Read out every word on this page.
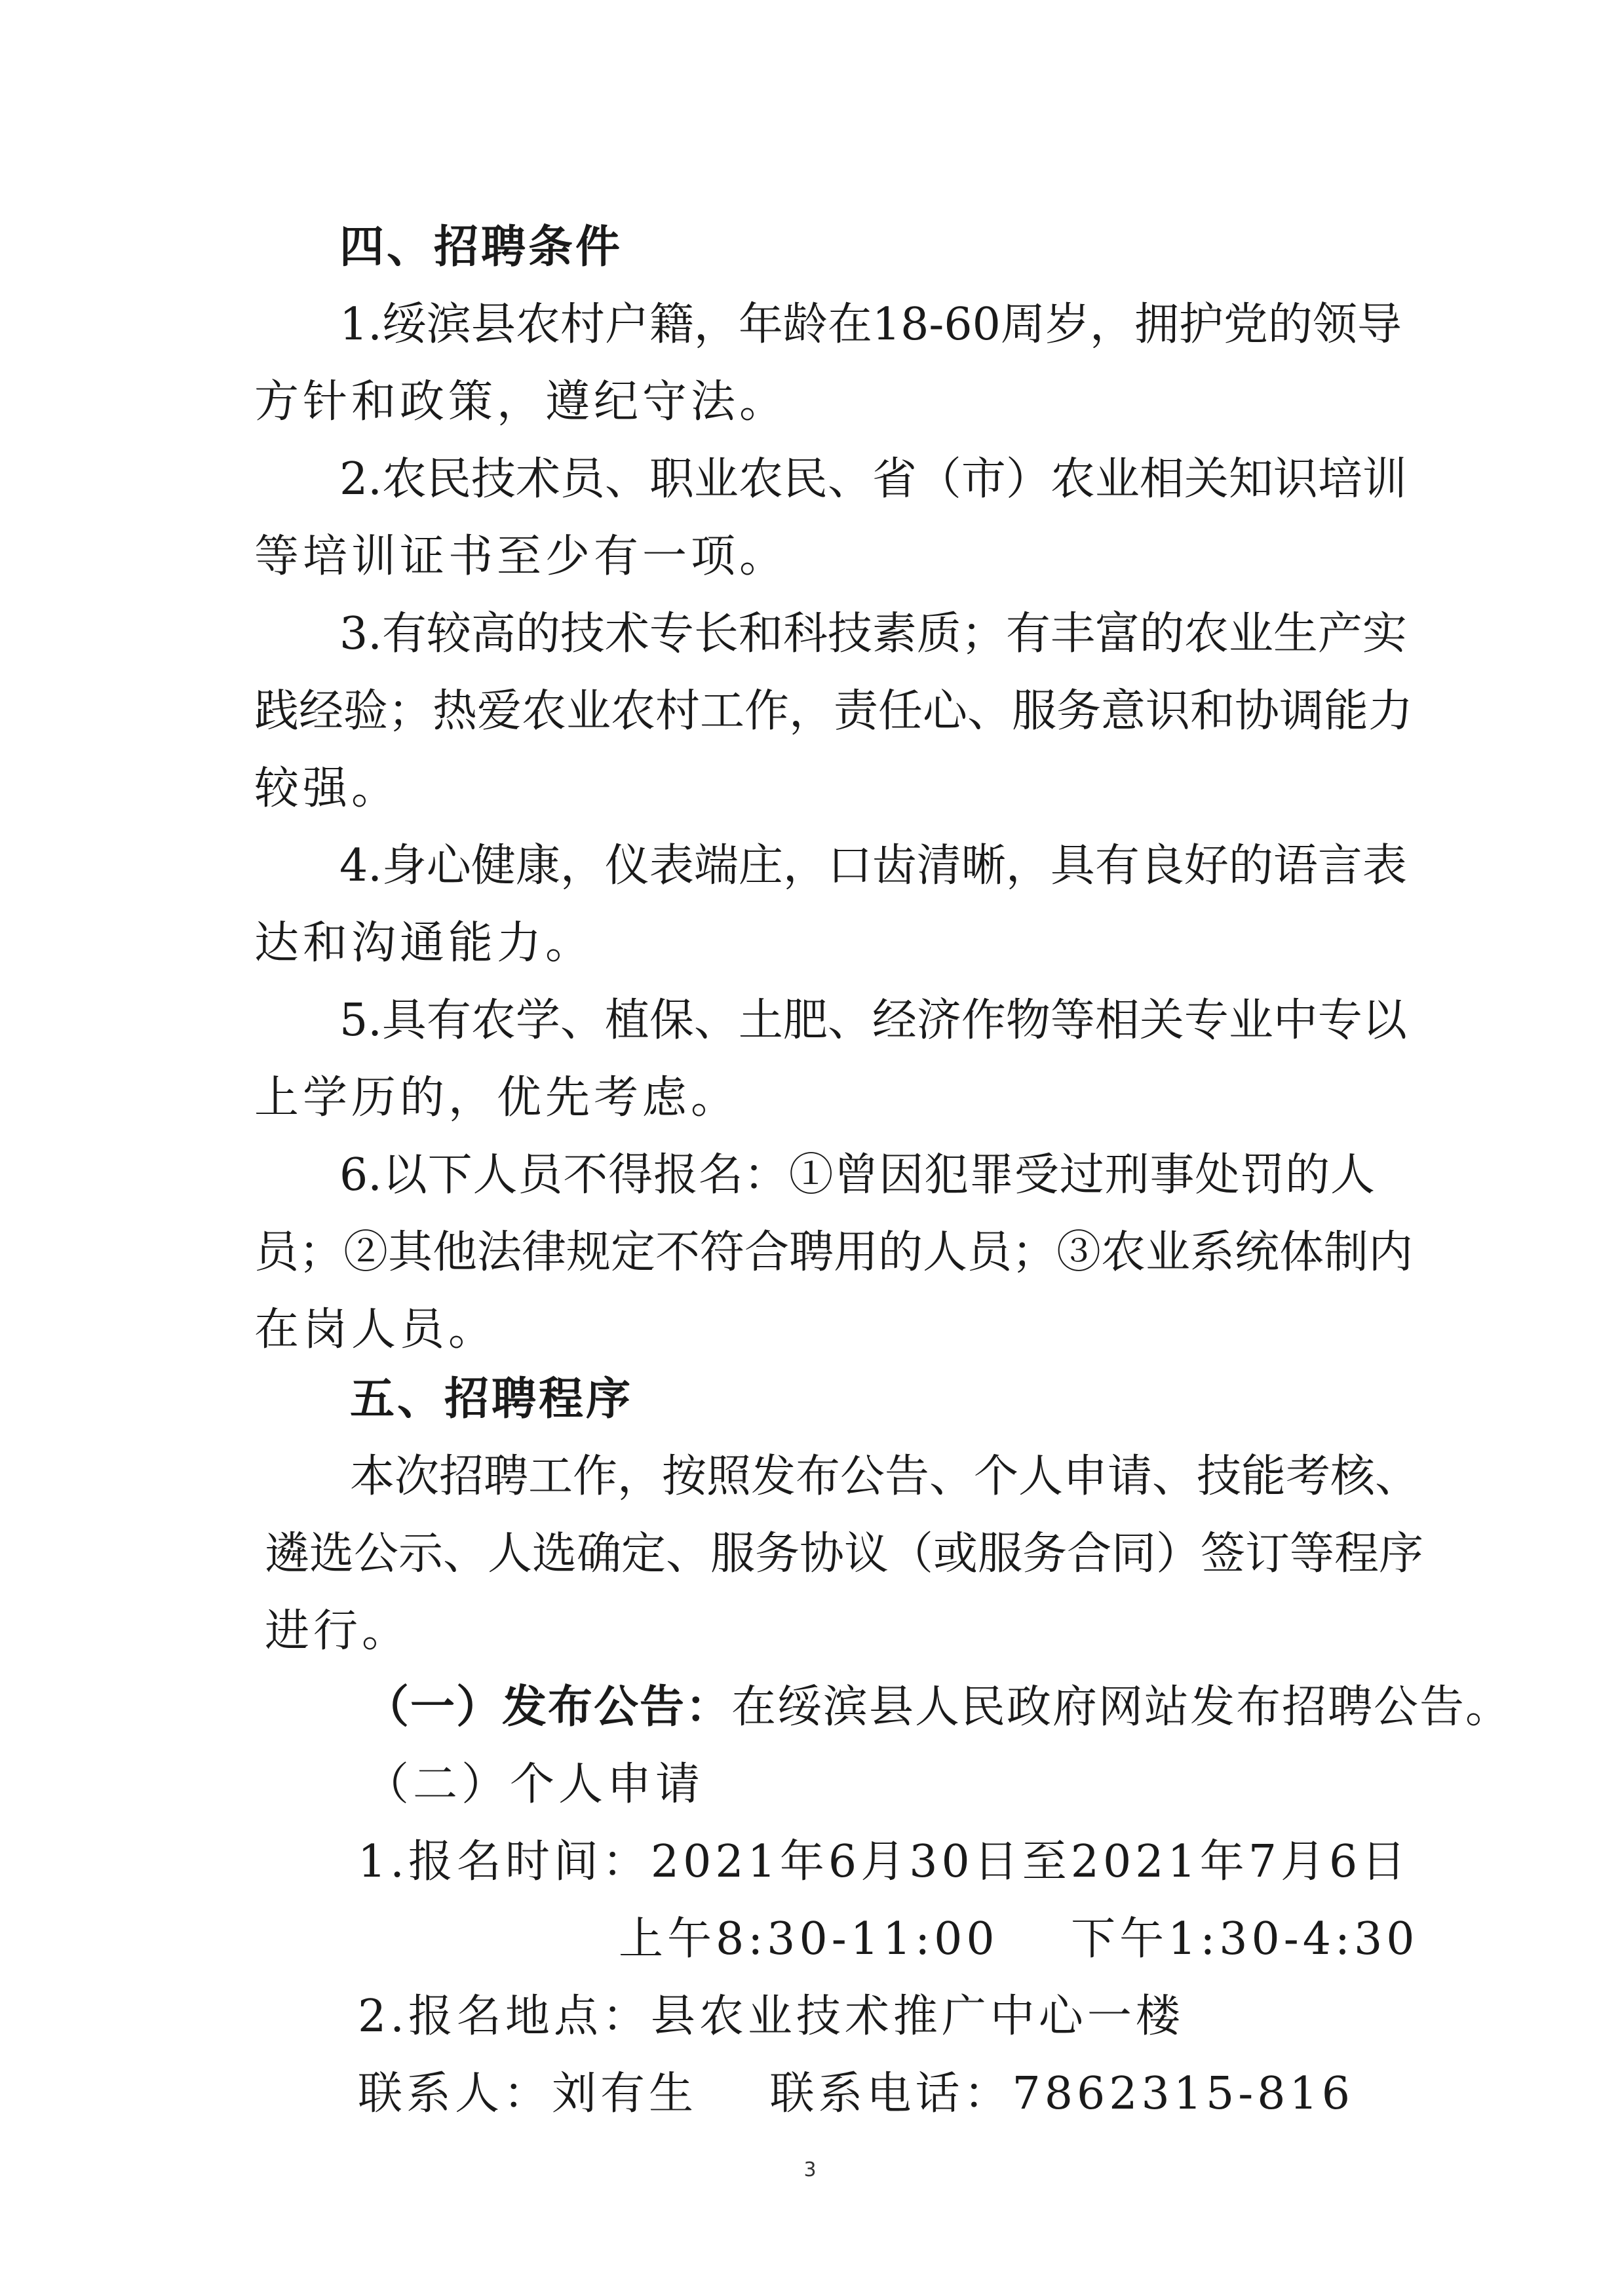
四、招聘条件
1.绥滨县农村户籍，年龄在18-60周岁，拥护党的领导
方针和政策，遵纪守法。
2.农民技术员、职业农民、省（市）农业相关知识培训
等培训证书至少有一项。
3.有较高的技术专长和科技素质；有丰富的农业生产实
践经验；热爱农业农村工作，责任心、服务意识和协调能力
较强。
4.身心健康，仪表端庄，口齿清晰，具有良好的语言表
达和沟通能力。
5.具有农学、植保、土肥、经济作物等相关专业中专以
上学历的，优先考虑。
6.以下人员不得报名：①曾因犯罪受过刑事处罚的人
员；②其他法律规定不符合聘用的人员；③农业系统体制内
在岗人员。
五、招聘程序
本次招聘工作，按照发布公告、个人申请、技能考核、
遴选公示、人选确定、服务协议（或服务合同）签订等程序
进行。
（一）发布公告：在绥滨县人民政府网站发布招聘公告。
（二）个人申请
1.报名时间：2021年6月30日至2021年7月6日
上午8:30-11:00    下午1:30-4:30
2.报名地点：县农业技术推广中心一楼
联系人：刘有生    联系电话：7862315-816
3
